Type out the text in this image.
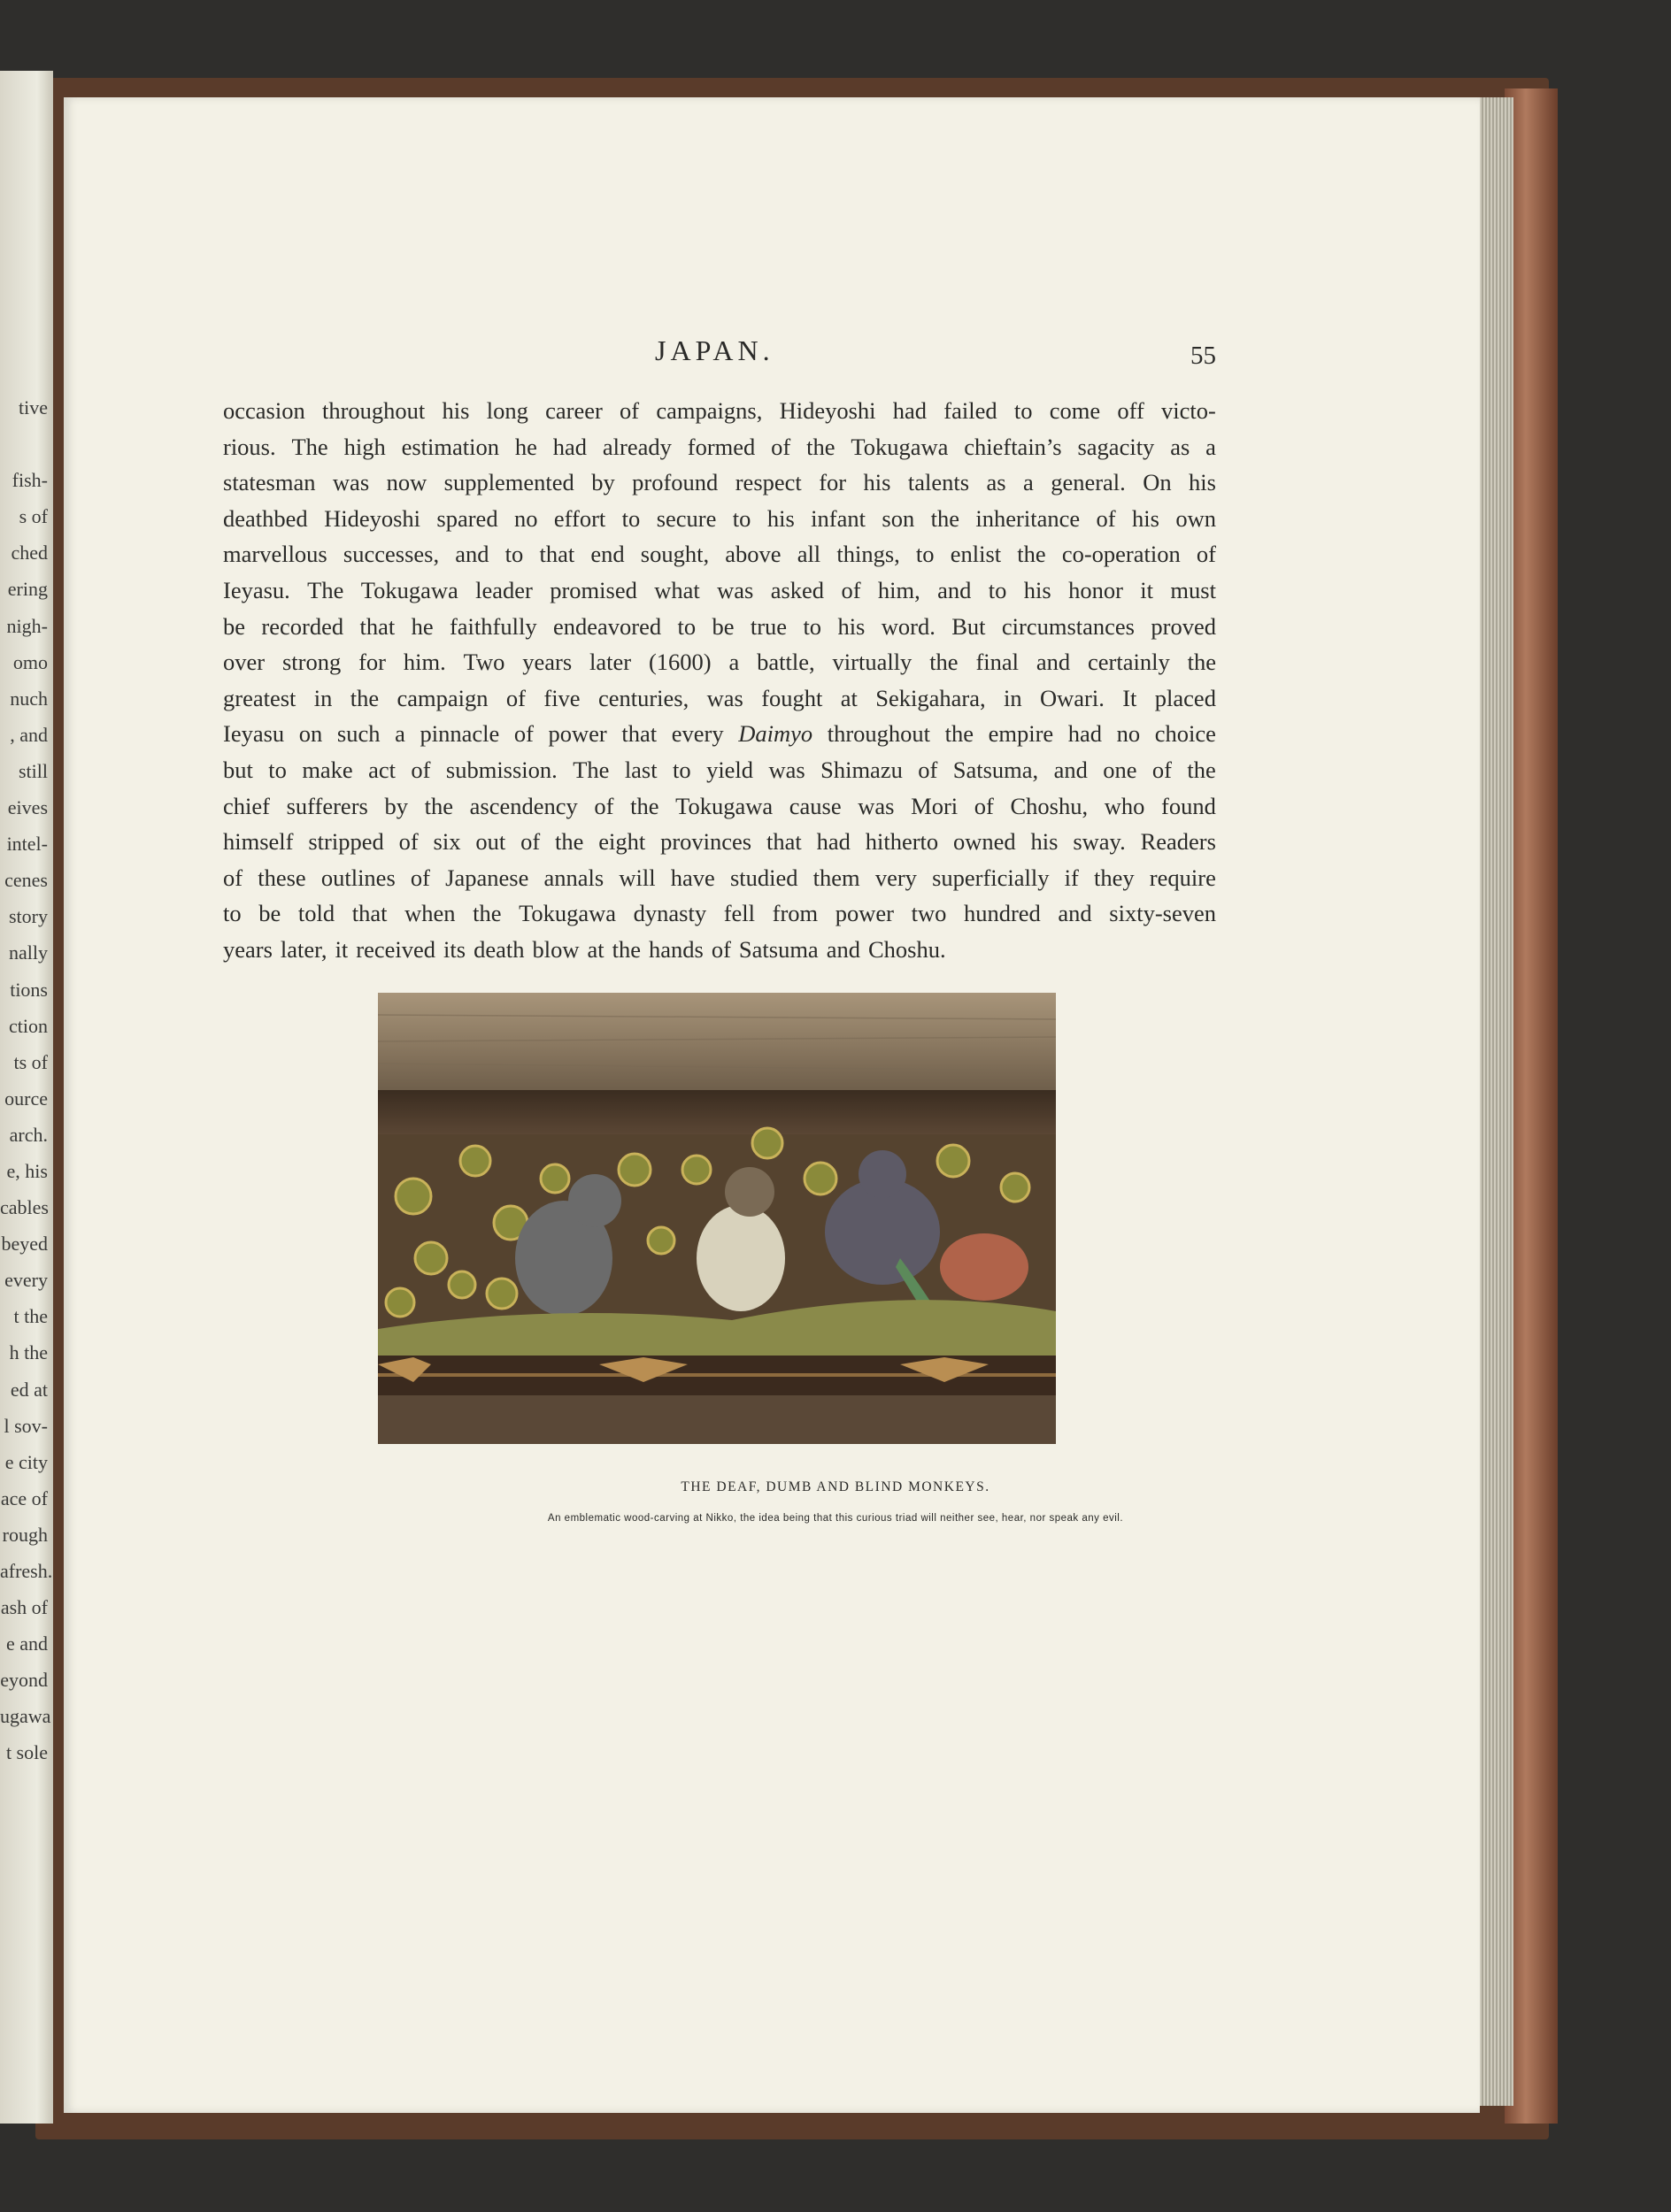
tive
fish-
s of
ched
ering
nigh-
omo
nuch
, and
still
eives
intel-
cenes
story
nally
tions
ction
ts of
ource
arch.
e, his
cables
beyed
every
t the
h the
ed at
l sov-
e city
ace of
rough
afresh.
ash of
e and
eyond
ugawa
t sole
JAPAN.	55
occasion throughout his long career of campaigns, Hideyoshi had failed to come off victo-
rious. The high estimation he had already formed of the Tokugawa chieftain’s sagacity as a
statesman was now supplemented by profound respect for his talents as a general. On his
deathbed Hideyoshi spared no effort to secure to his infant son the inheritance of his own
marvellous successes, and to that end sought, above all things, to enlist the co-operation of
Ieyasu. The Tokugawa leader promised what was asked of him, and to his honor it must
be recorded that he faithfully endeavored to be true to his word. But circumstances proved
over strong for him. Two years later (1600) a battle, virtually the final and certainly the
greatest in the campaign of five centuries, was fought at Sekigahara, in Owari. It placed
Ieyasu on such a pinnacle of power that every Daimyo throughout the empire had no choice
but to make act of submission. The last to yield was Shimazu of Satsuma, and one of the
chief sufferers by the ascendency of the Tokugawa cause was Mori of Choshu, who found
himself stripped of six out of the eight provinces that had hitherto owned his sway. Readers
of these outlines of Japanese annals will have studied them very superficially if they require
to be told that when the Tokugawa dynasty fell from power two hundred and sixty-seven
years later, it received its death blow at the hands of Satsuma and Choshu.
THE DEAF, DUMB AND BLIND MONKEYS.
An emblematic wood-carving at Nikko, the idea being that this curious triad will neither see, hear, nor speak any evil.
